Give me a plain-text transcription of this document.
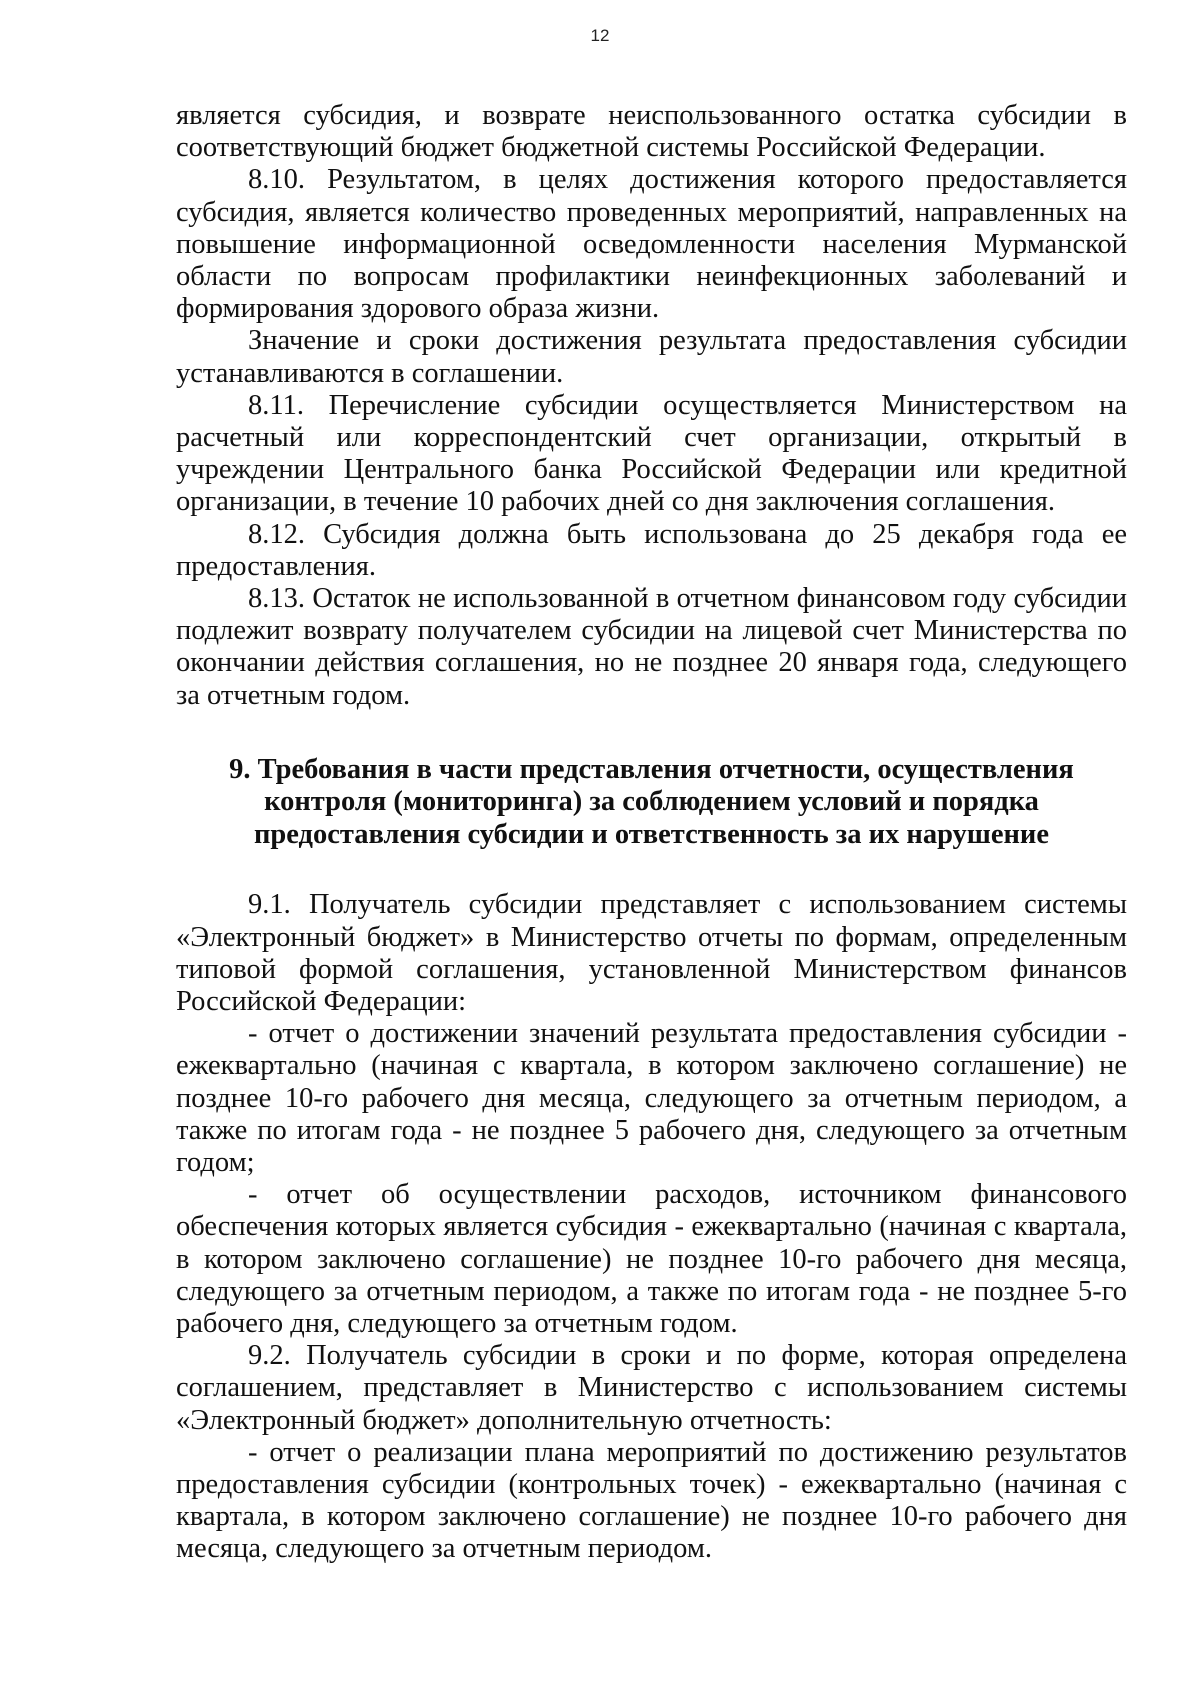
12

является субсидия, и возврате неиспользованного остатка субсидии в соответствующий бюджет бюджетной системы Российской Федерации.

8.10. Результатом, в целях достижения которого предоставляется субсидия, является количество проведенных мероприятий, направленных на повышение информационной осведомленности населения Мурманской области по вопросам профилактики неинфекционных заболеваний и формирования здорового образа жизни.

Значение и сроки достижения результата предоставления субсидии устанавливаются в соглашении.

8.11. Перечисление субсидии осуществляется Министерством на расчетный или корреспондентский счет организации, открытый в учреждении Центрального банка Российской Федерации или кредитной организации, в течение 10 рабочих дней со дня заключения соглашения.

8.12. Субсидия должна быть использована до 25 декабря года ее предоставления.

8.13. Остаток не использованной в отчетном финансовом году субсидии подлежит возврату получателем субсидии на лицевой счет Министерства по окончании действия соглашения, но не позднее 20 января года, следующего за отчетным годом.

9. Требования в части представления отчетности, осуществления контроля (мониторинга) за соблюдением условий и порядка предоставления субсидии и ответственность за их нарушение

9.1. Получатель субсидии представляет с использованием системы «Электронный бюджет» в Министерство отчеты по формам, определенным типовой формой соглашения, установленной Министерством финансов Российской Федерации:

- отчет о достижении значений результата предоставления субсидии - ежеквартально (начиная с квартала, в котором заключено соглашение) не позднее 10-го рабочего дня месяца, следующего за отчетным периодом, а также по итогам года - не позднее 5 рабочего дня, следующего за отчетным годом;

- отчет об осуществлении расходов, источником финансового обеспечения которых является субсидия - ежеквартально (начиная с квартала, в котором заключено соглашение) не позднее 10-го рабочего дня месяца, следующего за отчетным периодом, а также по итогам года - не позднее 5-го рабочего дня, следующего за отчетным годом.

9.2. Получатель субсидии в сроки и по форме, которая определена соглашением, представляет в Министерство с использованием системы «Электронный бюджет» дополнительную отчетность:

- отчет о реализации плана мероприятий по достижению результатов предоставления субсидии (контрольных точек) - ежеквартально (начиная с квартала, в котором заключено соглашение) не позднее 10-го рабочего дня месяца, следующего за отчетным периодом.
